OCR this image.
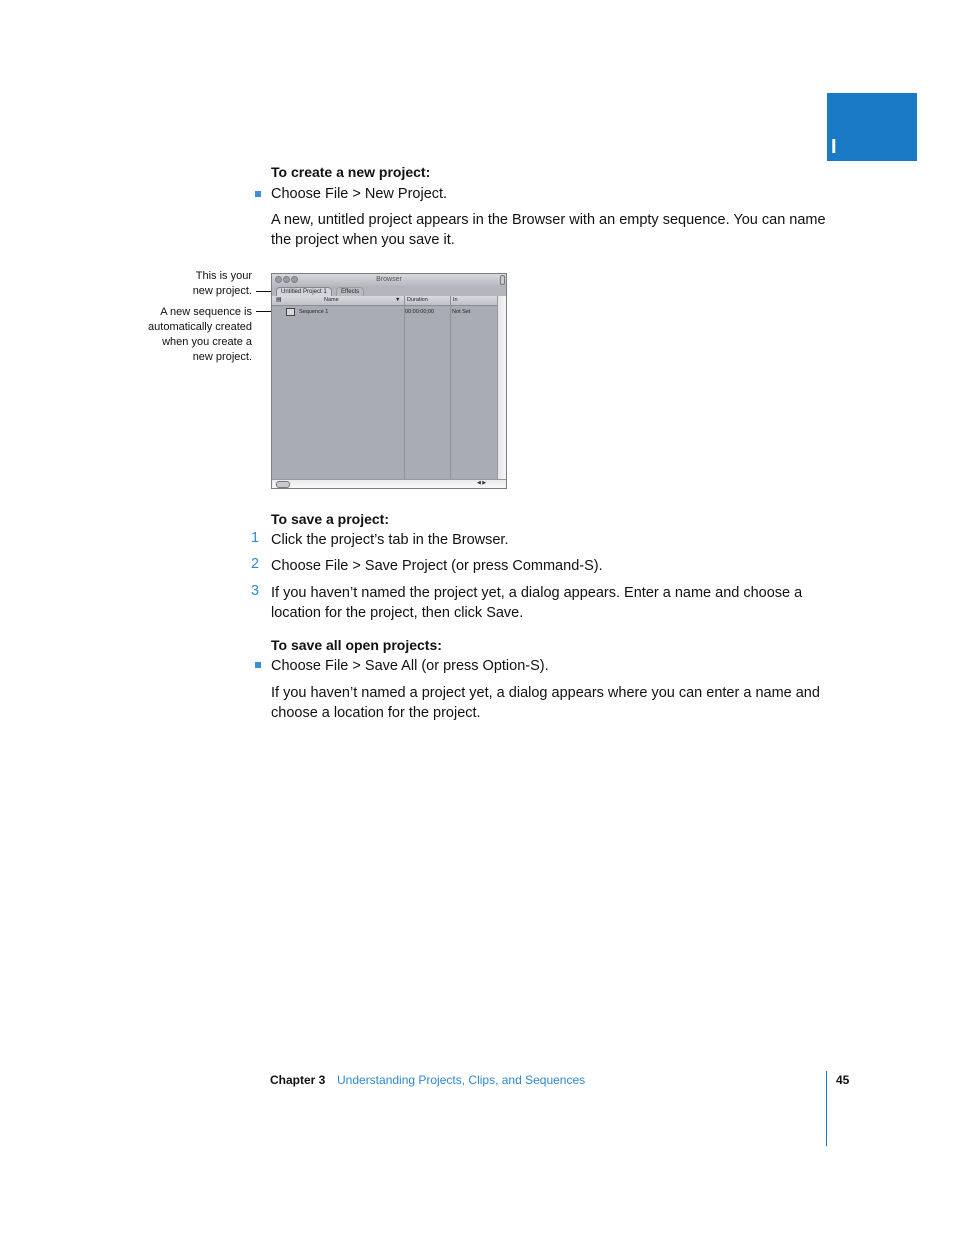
I
To create a new project:
Choose File > New Project.
A new, untitled project appears in the Browser with an empty sequence. You can name
the project when you save it.
This is your
new project.
A new sequence is
automatically created
when you create a
new project.
Browser
Untitled Project 1	Effects
▤	Name	▼ Duration	In
Sequence 1	00:00:00;00	Not Set
◀ ▶
To save a project:
1 Click the project’s tab in the Browser.
2 Choose File > Save Project (or press Command-S).
3 If you haven’t named the project yet, a dialog appears. Enter a name and choose a
location for the project, then click Save.
To save all open projects:
Choose File > Save All (or press Option-S).
If you haven’t named a project yet, a dialog appears where you can enter a name and
choose a location for the project.
Chapter 3 Understanding Projects, Clips, and Sequences	45
